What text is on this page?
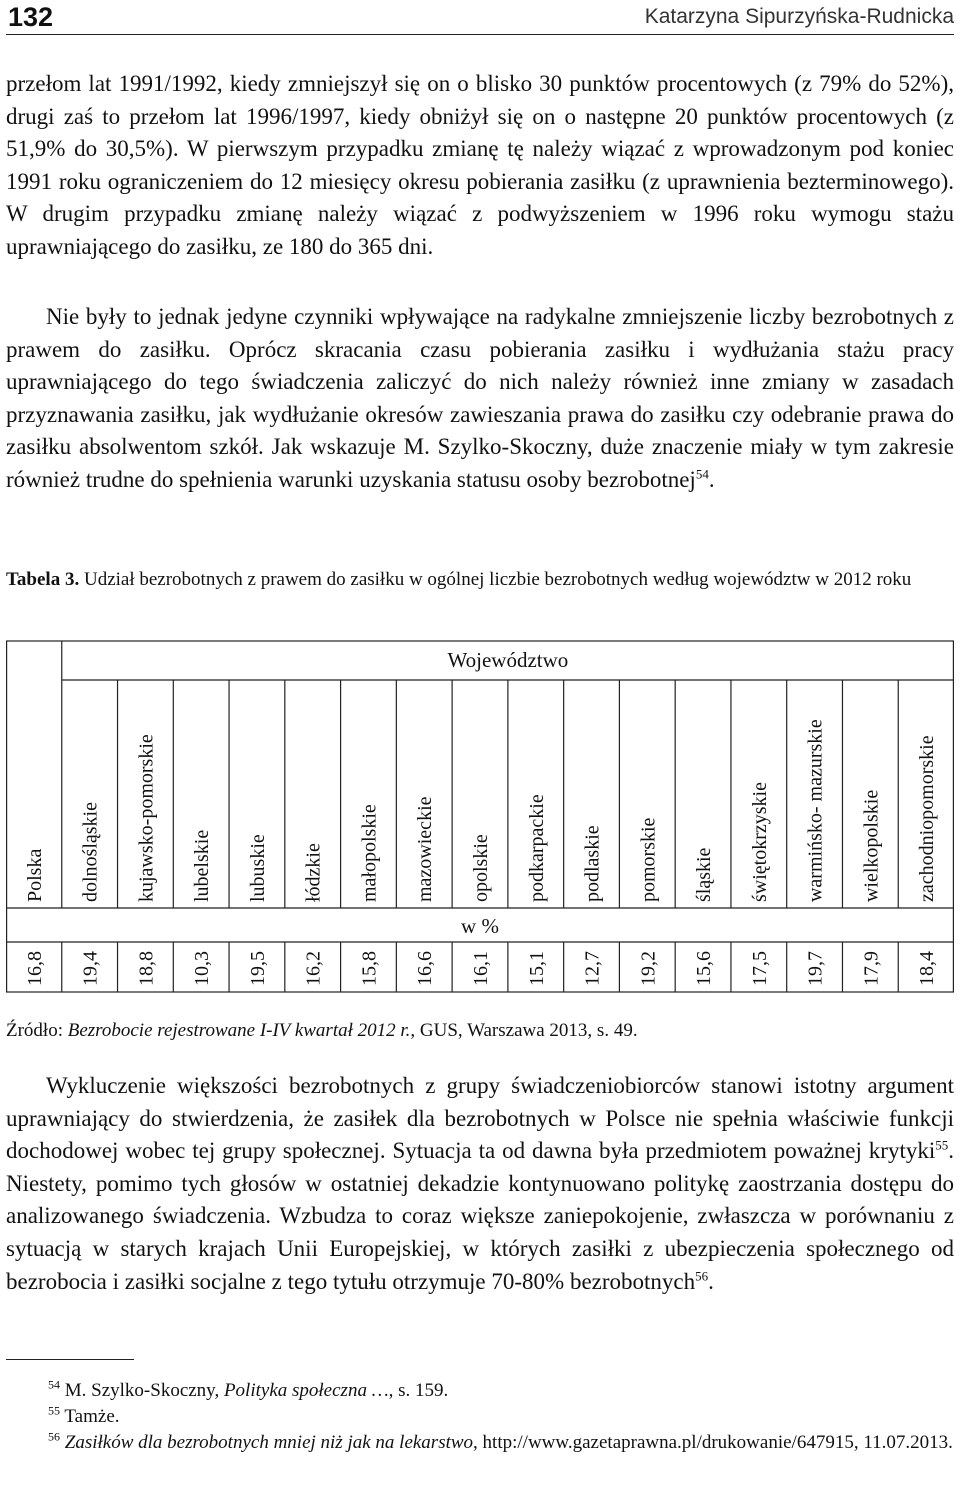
132	Katarzyna Sipurzyńska-Rudnicka
przełom lat 1991/1992, kiedy zmniejszył się on o blisko 30 punktów procentowych (z 79% do 52%), drugi zaś to przełom lat 1996/1997, kiedy obniżył się on o następne 20 punktów procentowych (z 51,9% do 30,5%). W pierwszym przypadku zmianę tę należy wiązać z wprowadzonym pod koniec 1991 roku ograniczeniem do 12 miesięcy okresu pobierania zasiłku (z uprawnienia bezterminowego). W drugim przypadku zmianę należy wiązać z podwyższeniem w 1996 roku wymogu stażu uprawniającego do zasiłku, ze 180 do 365 dni.
Nie były to jednak jedyne czynniki wpływające na radykalne zmniejszenie liczby bezrobotnych z prawem do zasiłku. Oprócz skracania czasu pobierania zasiłku i wydłużania stażu pracy uprawniającego do tego świadczenia zaliczyć do nich należy również inne zmiany w zasadach przyznawania zasiłku, jak wydłużanie okresów zawieszania prawa do zasiłku czy odebranie prawa do zasiłku absolwentom szkół. Jak wskazuje M. Szylko-Skoczny, duże znaczenie miały w tym zakresie również trudne do spełnienia warunki uzyskania statusu osoby bezrobotnej$^{54}$.
Tabela 3. Udział bezrobotnych z prawem do zasiłku w ogólnej liczbie bezrobotnych według województw w 2012 roku
Województwo
w %
Polska
16,8
dolnośląskie
19,4
kujawsko-pomorskie
18,8
lubelskie
10,3
lubuskie
19,5
łódzkie
16,2
małopolskie
15,8
mazowieckie
16,6
opolskie
16,1
podkarpackie
15,1
podlaskie
12,7
pomorskie
19,2
śląskie
15,6
świętokrzyskie
17,5
warmińsko- mazurskie
19,7
wielkopolskie
17,9
zachodniopomorskie
18,4
Źródło: Bezrobocie rejestrowane I-IV kwartał 2012 r., GUS, Warszawa 2013, s. 49.
Wykluczenie większości bezrobotnych z grupy świadczeniobiorców stanowi istotny argument uprawniający do stwierdzenia, że zasiłek dla bezrobotnych w Polsce nie spełnia właściwie funkcji dochodowej wobec tej grupy społecznej. Sytuacja ta od dawna była przedmiotem poważnej krytyki$^{55}$. Niestety, pomimo tych głosów w ostatniej dekadzie kontynuowano politykę zaostrzania dostępu do analizowanego świadczenia. Wzbudza to coraz większe zaniepokojenie, zwłaszcza w porównaniu z sytuacją w starych krajach Unii Europejskiej, w których zasiłki z ubezpieczenia społecznego od bezrobocia i zasiłki socjalne z tego tytułu otrzymuje 70-80% bezrobotnych$^{56}$.
$^{54}$ M. Szylko-Skoczny, Polityka społeczna …, s. 159.
$^{55}$ Tamże.
$^{56}$ Zasiłków dla bezrobotnych mniej niż jak na lekarstwo, http://www.gazetaprawna.pl/drukowanie/647915, 11.07.2013.
